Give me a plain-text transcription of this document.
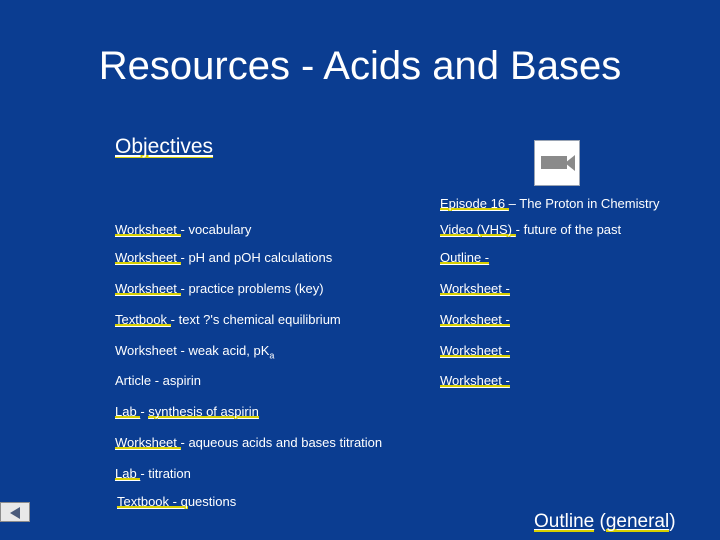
Resources - Acids and Bases
Objectives
Episode 16 – The Proton in Chemistry
Video (VHS) - future of the past
Outline -
Worksheet -
Worksheet -
Worksheet -
Worksheet -
Worksheet - vocabulary
Worksheet - pH and pOH calculations
Worksheet - practice problems (key)
Textbook - text ?'s chemical equilibrium
Worksheet - weak acid, $pK_a$
Article - aspirin
Lab - synthesis of aspirin
Worksheet - aqueous acids and bases titration
Lab - titration
Textbook - questions
Outline (general)
